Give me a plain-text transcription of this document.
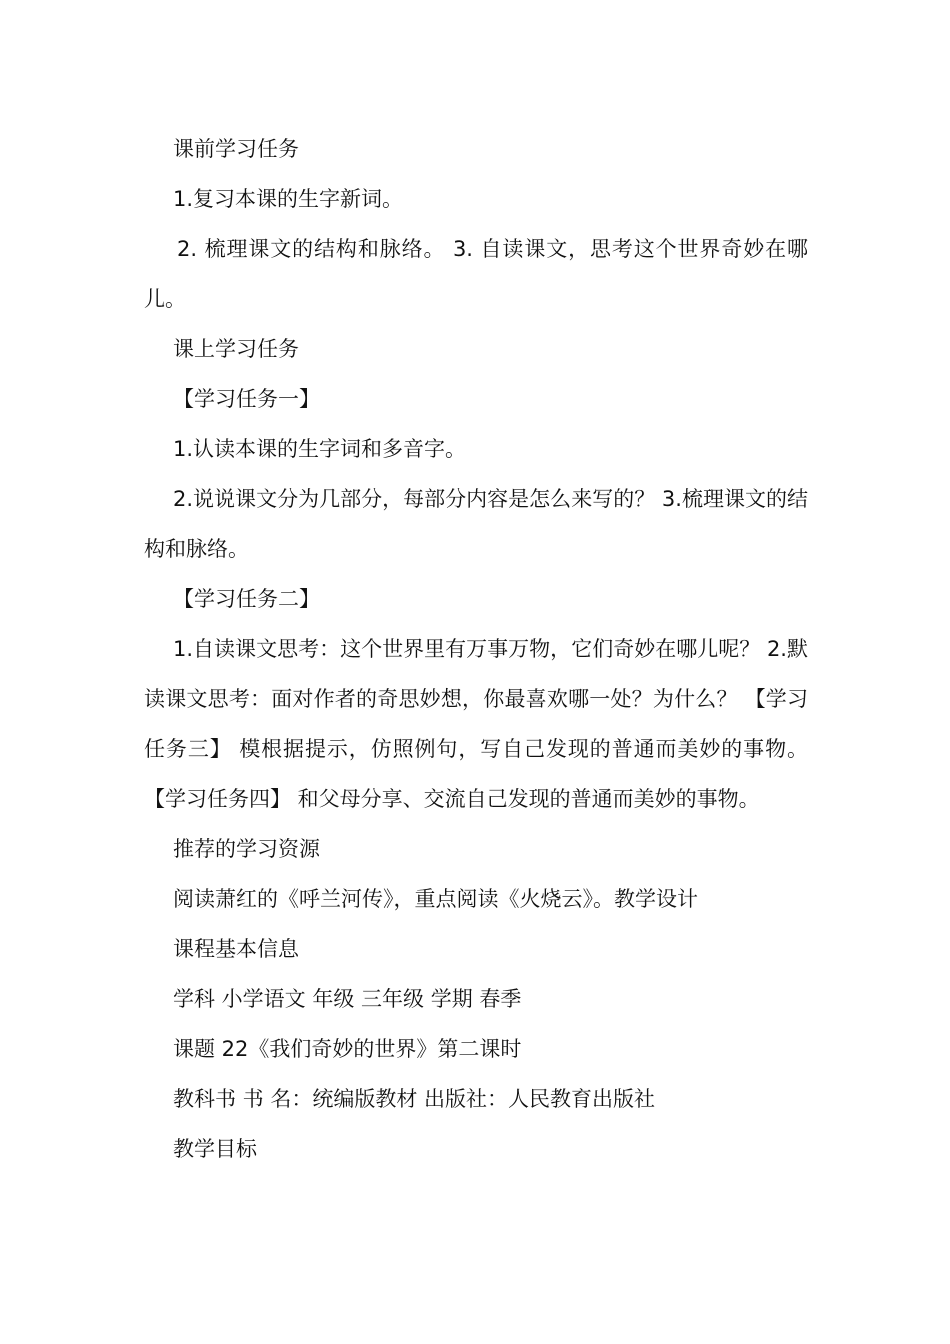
课前学习任务

1.复习本课的生字新词。

2. 梳理课文的结构和脉络。 3. 自读课文，思考这个世界奇妙在哪儿。

课上学习任务

【学习任务一】

1.认读本课的生字词和多音字。

2.说说课文分为几部分，每部分内容是怎么来写的？ 3.梳理课文的结构和脉络。

【学习任务二】

1.自读课文思考：这个世界里有万事万物，它们奇妙在哪儿呢？ 2.默读课文思考：面对作者的奇思妙想，你最喜欢哪一处？为什么？ 【学习任务三】 模根据提示，仿照例句，写自己发现的普通而美妙的事物。 【学习任务四】 和父母分享、交流自己发现的普通而美妙的事物。

推荐的学习资源

阅读萧红的《呼兰河传》，重点阅读《火烧云》。教学设计

课程基本信息

学科 小学语文 年级 三年级 学期 春季

课题 22《我们奇妙的世界》第二课时

教科书 书 名：统编版教材 出版社：人民教育出版社

教学目标
